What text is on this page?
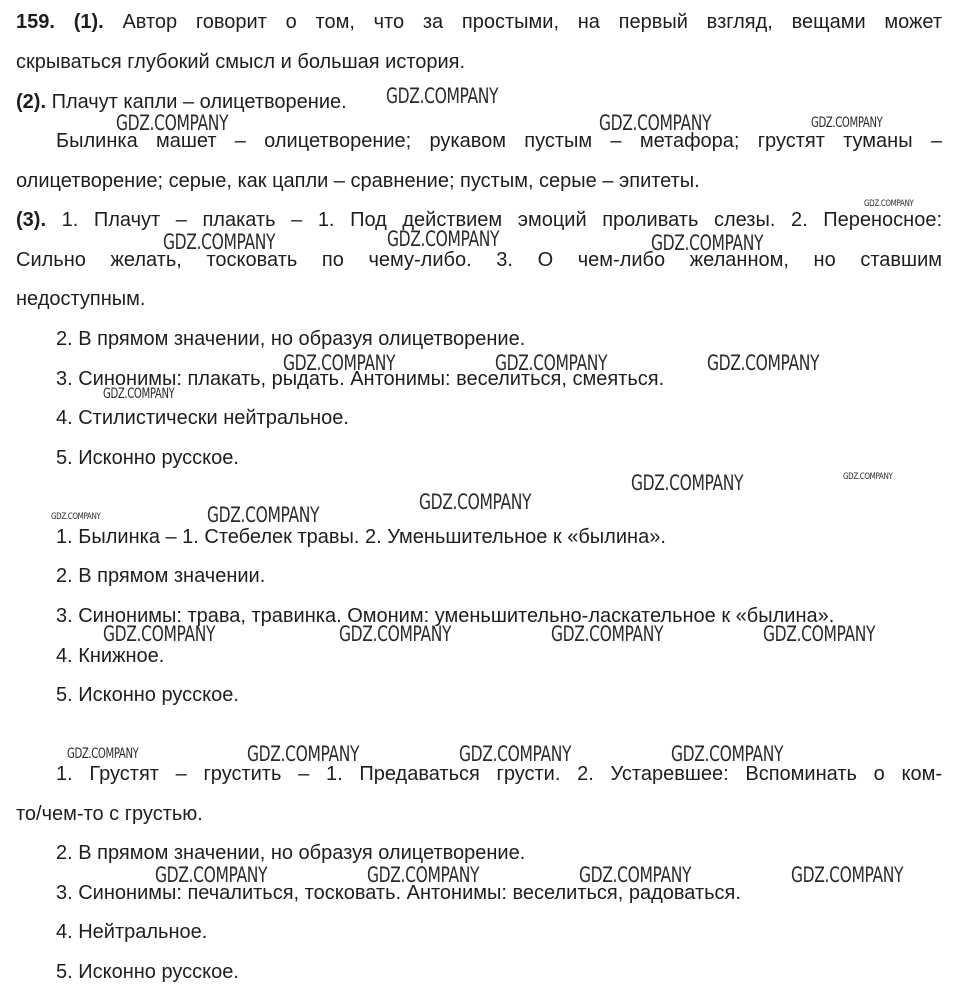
159. (1). Автор говорит о том, что за простыми, на первый взгляд, вещами может
скрываться глубокий смысл и большая история.
(2). Плачут капли – олицетворение.
Былинка машет – олицетворение; рукавом пустым – метафора; грустят туманы –
олицетворение; серые, как цапли – сравнение; пустым, серые – эпитеты.
(3). 1. Плачут – плакать – 1. Под действием эмоций проливать слезы. 2. Переносное:
Сильно желать, тосковать по чему-либо. 3. О чем-либо желанном, но ставшим
недоступным.
2. В прямом значении, но образуя олицетворение.
3. Синонимы: плакать, рыдать. Антонимы: веселиться, смеяться.
4. Стилистически нейтральное.
5. Исконно русское.
1. Былинка – 1. Стебелек травы. 2. Уменьшительное к «былина».
2. В прямом значении.
3. Синонимы: трава, травинка. Омоним: уменьшительно-ласкательное к «былина».
4. Книжное.
5. Исконно русское.
1. Грустят – грустить – 1. Предаваться грусти. 2. Устаревшее: Вспоминать о ком-
то/чем-то с грустью.
2. В прямом значении, но образуя олицетворение.
3. Синонимы: печалиться, тосковать. Антонимы: веселиться, радоваться.
4. Нейтральное.
5. Исконно русское.
GDZ.COMPANY
GDZ.COMPANY	GDZ.COMPANY	GDZ.COMPANY
GDZ.COMPANY
GDZ.COMPANY	GDZ.COMPANY	GDZ.COMPANY
GDZ.COMPANY	GDZ.COMPANY	GDZ.COMPANY
GDZ.COMPANY
GDZ.COMPANY	GDZ.COMPANY
GDZ.COMPANY
GDZ.COMPANY
GDZ.COMPANY
GDZ.COMPANY	GDZ.COMPANY	GDZ.COMPANY	GDZ.COMPANY
GDZ.COMPANY	GDZ.COMPANY	GDZ.COMPANY	GDZ.COMPANY
GDZ.COMPANY	GDZ.COMPANY	GDZ.COMPANY	GDZ.COMPANY
